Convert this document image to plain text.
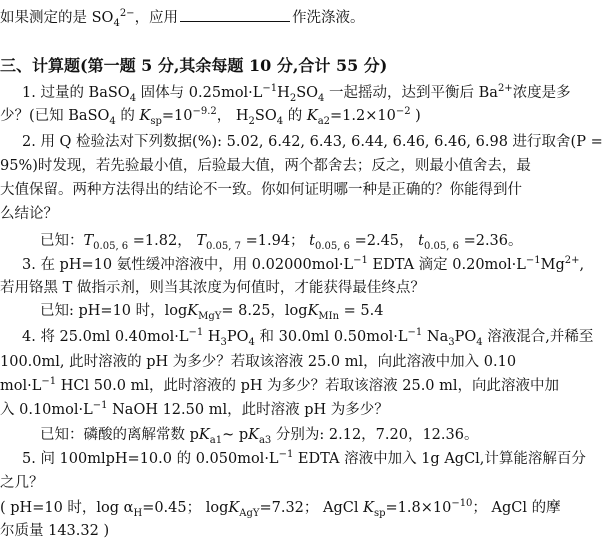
如果测定的是 $SO_4^{2-}$，应用	作洗涤液。
三、计算题(第一题 5 分,其余每题 10 分,合计 55 分)
1. 过量的 BaSO$_4$ 固体与 $0.25mol\cdot L^{-1}H_2SO_4$ 一起摇动，达到平衡后 $Ba^{2+}$浓度是多
少？(已知 BaSO$_4$ 的 $K_{sp}=10^{-9.2}$， $H_2SO_4$ 的 $K_{a2}=1.2\times 10^{-2}$ )
2. 用 Q 检验法对下列数据(%): 5.02, 6.42, 6.43, 6.44, 6.46, 6.46, 6.98 进行取舍(P =
95%)时发现，若先验最小值，后验最大值，两个都舍去；反之，则最小值舍去，最
大值保留。两种方法得出的结论不一致。你如何证明哪一种是正确的？你能得到什
么结论？
已知：$T_{0.05, 6} =1.82$， $T_{0.05, 7} =1.94$； $t_{0.05, 6} =2.45$， $t_{0.05, 6} =2.36$。
3. 在 pH=10 氨性缓冲溶液中，用 $0.02000mol\cdot L^{-1}$ EDTA 滴定 $0.20mol\cdot L^{-1}Mg^{2+}$,
若用铬黑 T 做指示剂，则当其浓度为何值时，才能获得最佳终点？
已知: pH=10 时，logK$_{MgY}$= 8.25，logK$_{MIn}$ = 5.4
4. 将 25.0ml $0.40mol\cdot L^{-1}$ $H_3PO_4$ 和 30.0ml $0.50mol\cdot L^{-1}$ $Na_3PO_4$ 溶液混合,并稀至
100.0ml, 此时溶液的 pH 为多少？若取该溶液 25.0 ml，向此溶液中加入 0.10
$mol\cdot L^{-1}$ HCl 50.0 ml，此时溶液的 pH 为多少？若取该溶液 25.0 ml，向此溶液中加
入 $0.10mol\cdot L^{-1}$ NaOH 12.50 ml，此时溶液 pH 为多少？
已知：磷酸的离解常数 $pK_{a1}\sim$ $pK_{a3}$ 分别为: 2.12，7.20，12.36。
5. 问 100mlpH=10.0 的 $0.050mol\cdot L^{-1}$ EDTA 溶液中加入 1g AgCl,计算能溶解百分
之几？
( pH=10 时，$\log \alpha_H=0.45$； logK$_{AgY}$=7.32； AgCl $K_{sp}=1.8\times 10^{-10}$； AgCl 的摩
尔质量 143.32 )
